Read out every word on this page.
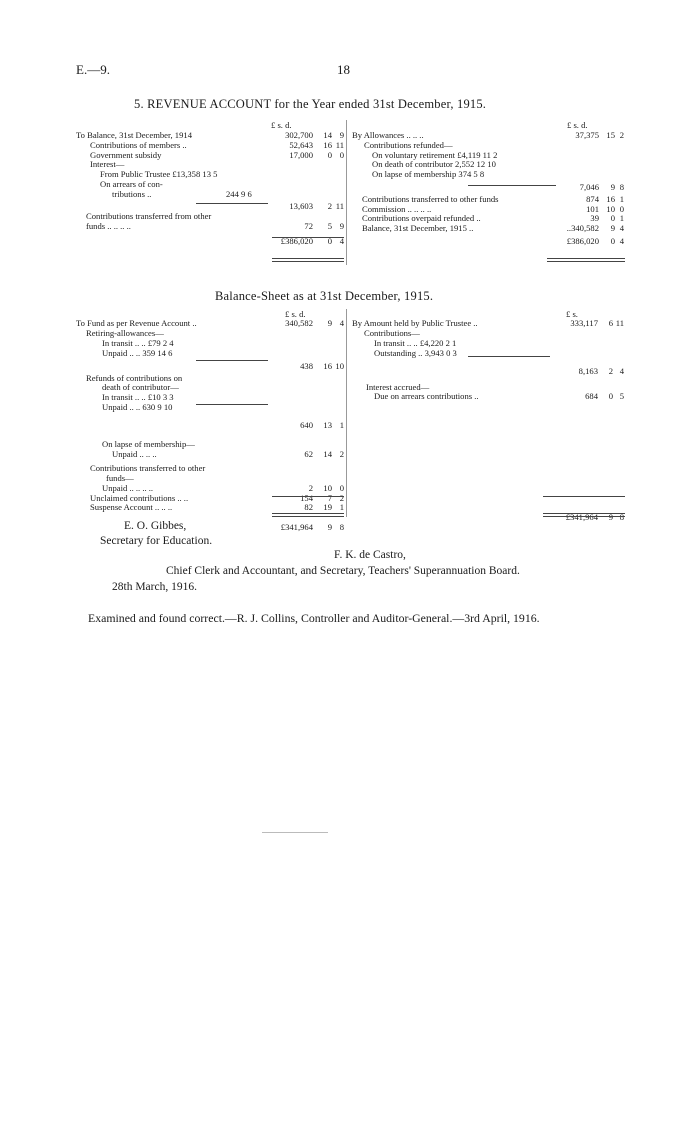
E.—9.	18
5. REVENUE ACCOUNT for the Year ended 31st December, 1915.
To Balance, 31st December, 1914	302,700 14 9
Contributions of members ..	52,643 16 11
Government subsidy	17,000 0 0
Interest—
From Public Trustee £13,358 13 5
On arrears of con-
tributions ..	244 9 6
13,603 2 11
Contributions transferred from other
funds .. .. .. ..	72 5 9
£386,020 0 4
£ s. d.
By Allowances .. .. ..	37,375 15 2
Contributions refunded—
On voluntary retirement £4,119 11 2
On death of contributor 2,552 12 10
On lapse of membership 374 5 8
7,046 9 8
Contributions transferred to other funds	874 16 1
Commission .. .. .. ..	101 10 0
Contributions overpaid refunded ..	39 0 1
Balance, 31st December, 1915 ..	..340,582 9 4
£386,020 0 4
£ s. d.
Balance-Sheet as at 31st December, 1915.
To Fund as per Revenue Account ..	340,582 9 4
Retiring-allowances—
In transit .. .. £79 2 4
Unpaid .. .. 359 14 6
438 16 10
Refunds of contributions on
death of contributor—
In transit .. .. £10 3 3
Unpaid .. .. 630 9 10
640 13 1
On lapse of membership—
Unpaid .. .. ..	62 14 2
Contributions transferred to other
funds—
Unpaid .. .. .. ..	2 10 0
Unclaimed contributions .. ..	154 7 2
Suspense Account .. .. ..	82 19 1
£341,964 9 8
£ s. d.
By Amount held by Public Trustee ..	333,117 6 11
Contributions—
In transit .. .. £4,220 2 1
Outstanding .. 3,943 0 3
8,163 2 4
Interest accrued—
Due on arrears contributions ..	684 0 5
£341,964 9 8
£ s.
E. O. Gibbes,
Secretary for Education.
F. K. de Castro,
Chief Clerk and Accountant, and Secretary, Teachers' Superannuation Board.
28th March, 1916.
Examined and found correct.—R. J. Collins, Controller and Auditor-General.—3rd April, 1916.
